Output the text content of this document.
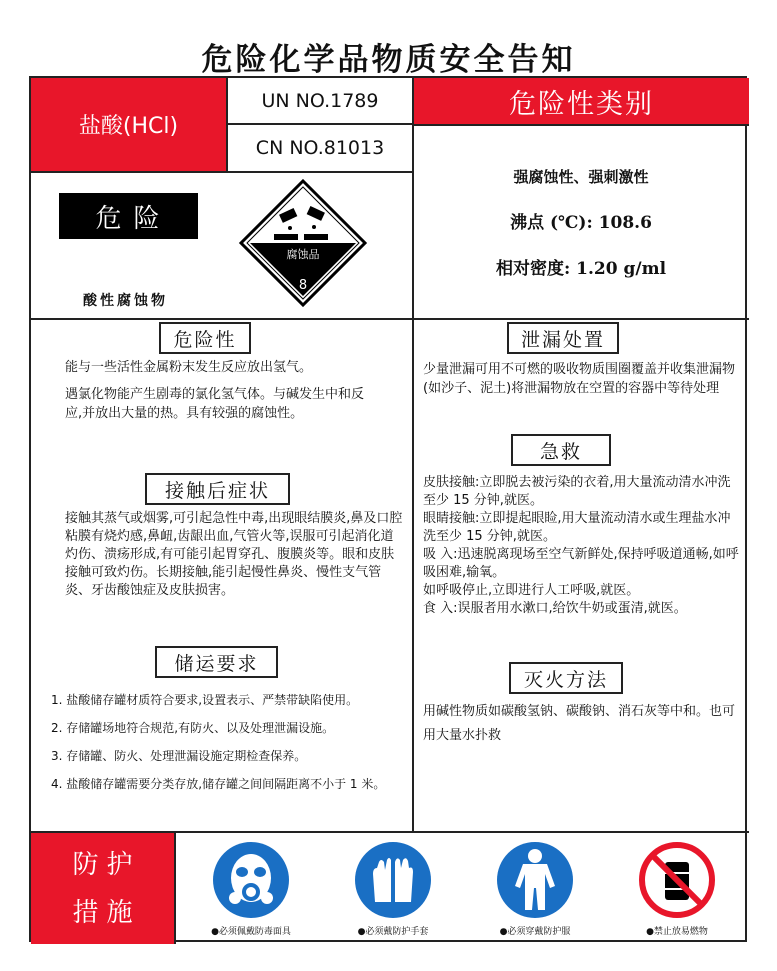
危险化学品物质安全告知
盐酸(HCl)
UN NO.1789
CN NO.81013
危险性类别
危险
酸性腐蚀物
腐蚀品
8
强腐蚀性、强刺激性
沸点 (℃): 108.6
相对密度: 1.20 g/ml
危险性

能与一些活性金属粉末发生反应放出氢气。

遇氯化物能产生剧毒的氯化氢气体。与碱发生中和反应,并放出大量的热。具有较强的腐蚀性。

接触后症状
接触其蒸气或烟雾,可引起急性中毒,出现眼结膜炎,鼻及口腔粘膜有烧灼感,鼻衄,齿龈出血,气管火等,误服可引起消化道灼伤、溃疡形成,有可能引起胃穿孔、腹膜炎等。眼和皮肤接触可致灼伤。长期接触,能引起慢性鼻炎、慢性支气管炎、牙齿酸蚀症及皮肤损害。
储运要求

1. 盐酸储存罐材质符合要求,设置表示、严禁带缺陷使用。

2. 存储罐场地符合规范,有防火、以及处理泄漏设施。

3. 存储罐、防火、处理泄漏设施定期检查保养。

4. 盐酸储存罐需要分类存放,储存罐之间间隔距离不小于 1 米。

泄漏处置
少量泄漏可用不可燃的吸收物质围圈覆盖并收集泄漏物(如沙子、泥土)将泄漏物放在空置的容器中等待处理
急救
皮肤接触:立即脱去被污染的衣着,用大量流动清水冲洗至少 15 分钟,就医。
眼睛接触:立即提起眼睑,用大量流动清水或生理盐水冲洗至少 15 分钟,就医。
吸 入:迅速脱离现场至空气新鲜处,保持呼吸道通畅,如呼吸困难,输氧。
如呼吸停止,立即进行人工呼吸,就医。
食 入:误服者用水漱口,给饮牛奶或蛋清,就医。
灭火方法
用碱性物质如碳酸氢钠、碳酸钠、消石灰等中和。也可用大量水扑救
防护
措施
●必须佩戴防毒面具	●必须戴防护手套	●必须穿戴防护服	●禁止放易燃物
